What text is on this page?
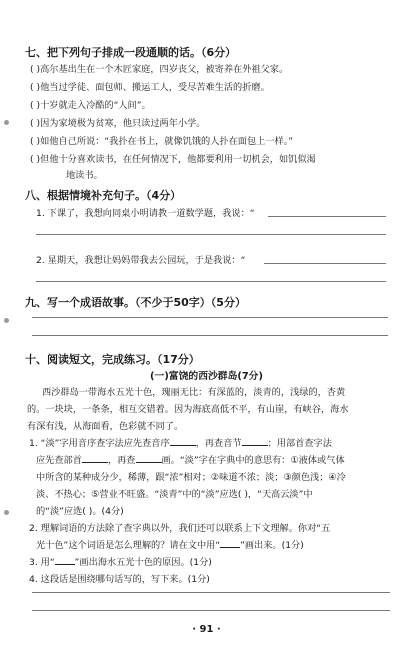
七、把下列句子排成一段通顺的话。（6分）
( )高尔基出生在一个木匠家庭，四岁丧父，被寄养在外祖父家。
( )他当过学徒、面包师、搬运工人，受尽苦难生活的折磨。
( )十岁就走入冷酷的“人间”。
( )因为家境极为贫寒，他只读过两年小学。
( )如他自己所说：“我扑在书上，就像饥饿的人扑在面包上一样。”
( )但他十分喜欢读书，在任何情况下，他都要利用一切机会，如饥似渴
地读书。
八、根据情境补充句子。（4分）
1. 下课了，我想向同桌小明请教一道数学题，我说：“
2. 星期天，我想让妈妈带我去公园玩，于是我说：“
九、写一个成语故事。（不少于50字）（5分）
十、阅读短文，完成练习。（17分）
(一)富饶的西沙群岛(7分)
西沙群岛一带海水五光十色，瑰丽无比：有深蓝的，淡青的，浅绿的，杏黄
的。一块块，一条条，相互交错着。因为海底高低不平，有山崖，有峡谷，海水
有深有浅，从海面看，色彩就不同了。
1. “淡”字用音序查字法应先查音序	，再查音节	；用部首查字法
应先查部首	，再查	画。“淡”字在字典中的意思有：①液体或气体
中所含的某种成分少，稀薄，跟“浓”相对；②味道不浓；淡；③颜色浅；④冷
淡、不热心；⑤营业不旺盛。“淡青”中的“淡”应选( )，“天高云淡”中
的“淡”应选( )。(4分)
2. 理解词语的方法除了查字典以外，我们还可以联系上下文理解。你对“五
光十色”这个词语是怎么理解的？请在文中用“ ”画出来。(1分)
3. 用“ ”画出海水五光十色的原因。(1分)
4. 这段话是围绕哪句话写的，写下来。(1分)
· 91 ·
